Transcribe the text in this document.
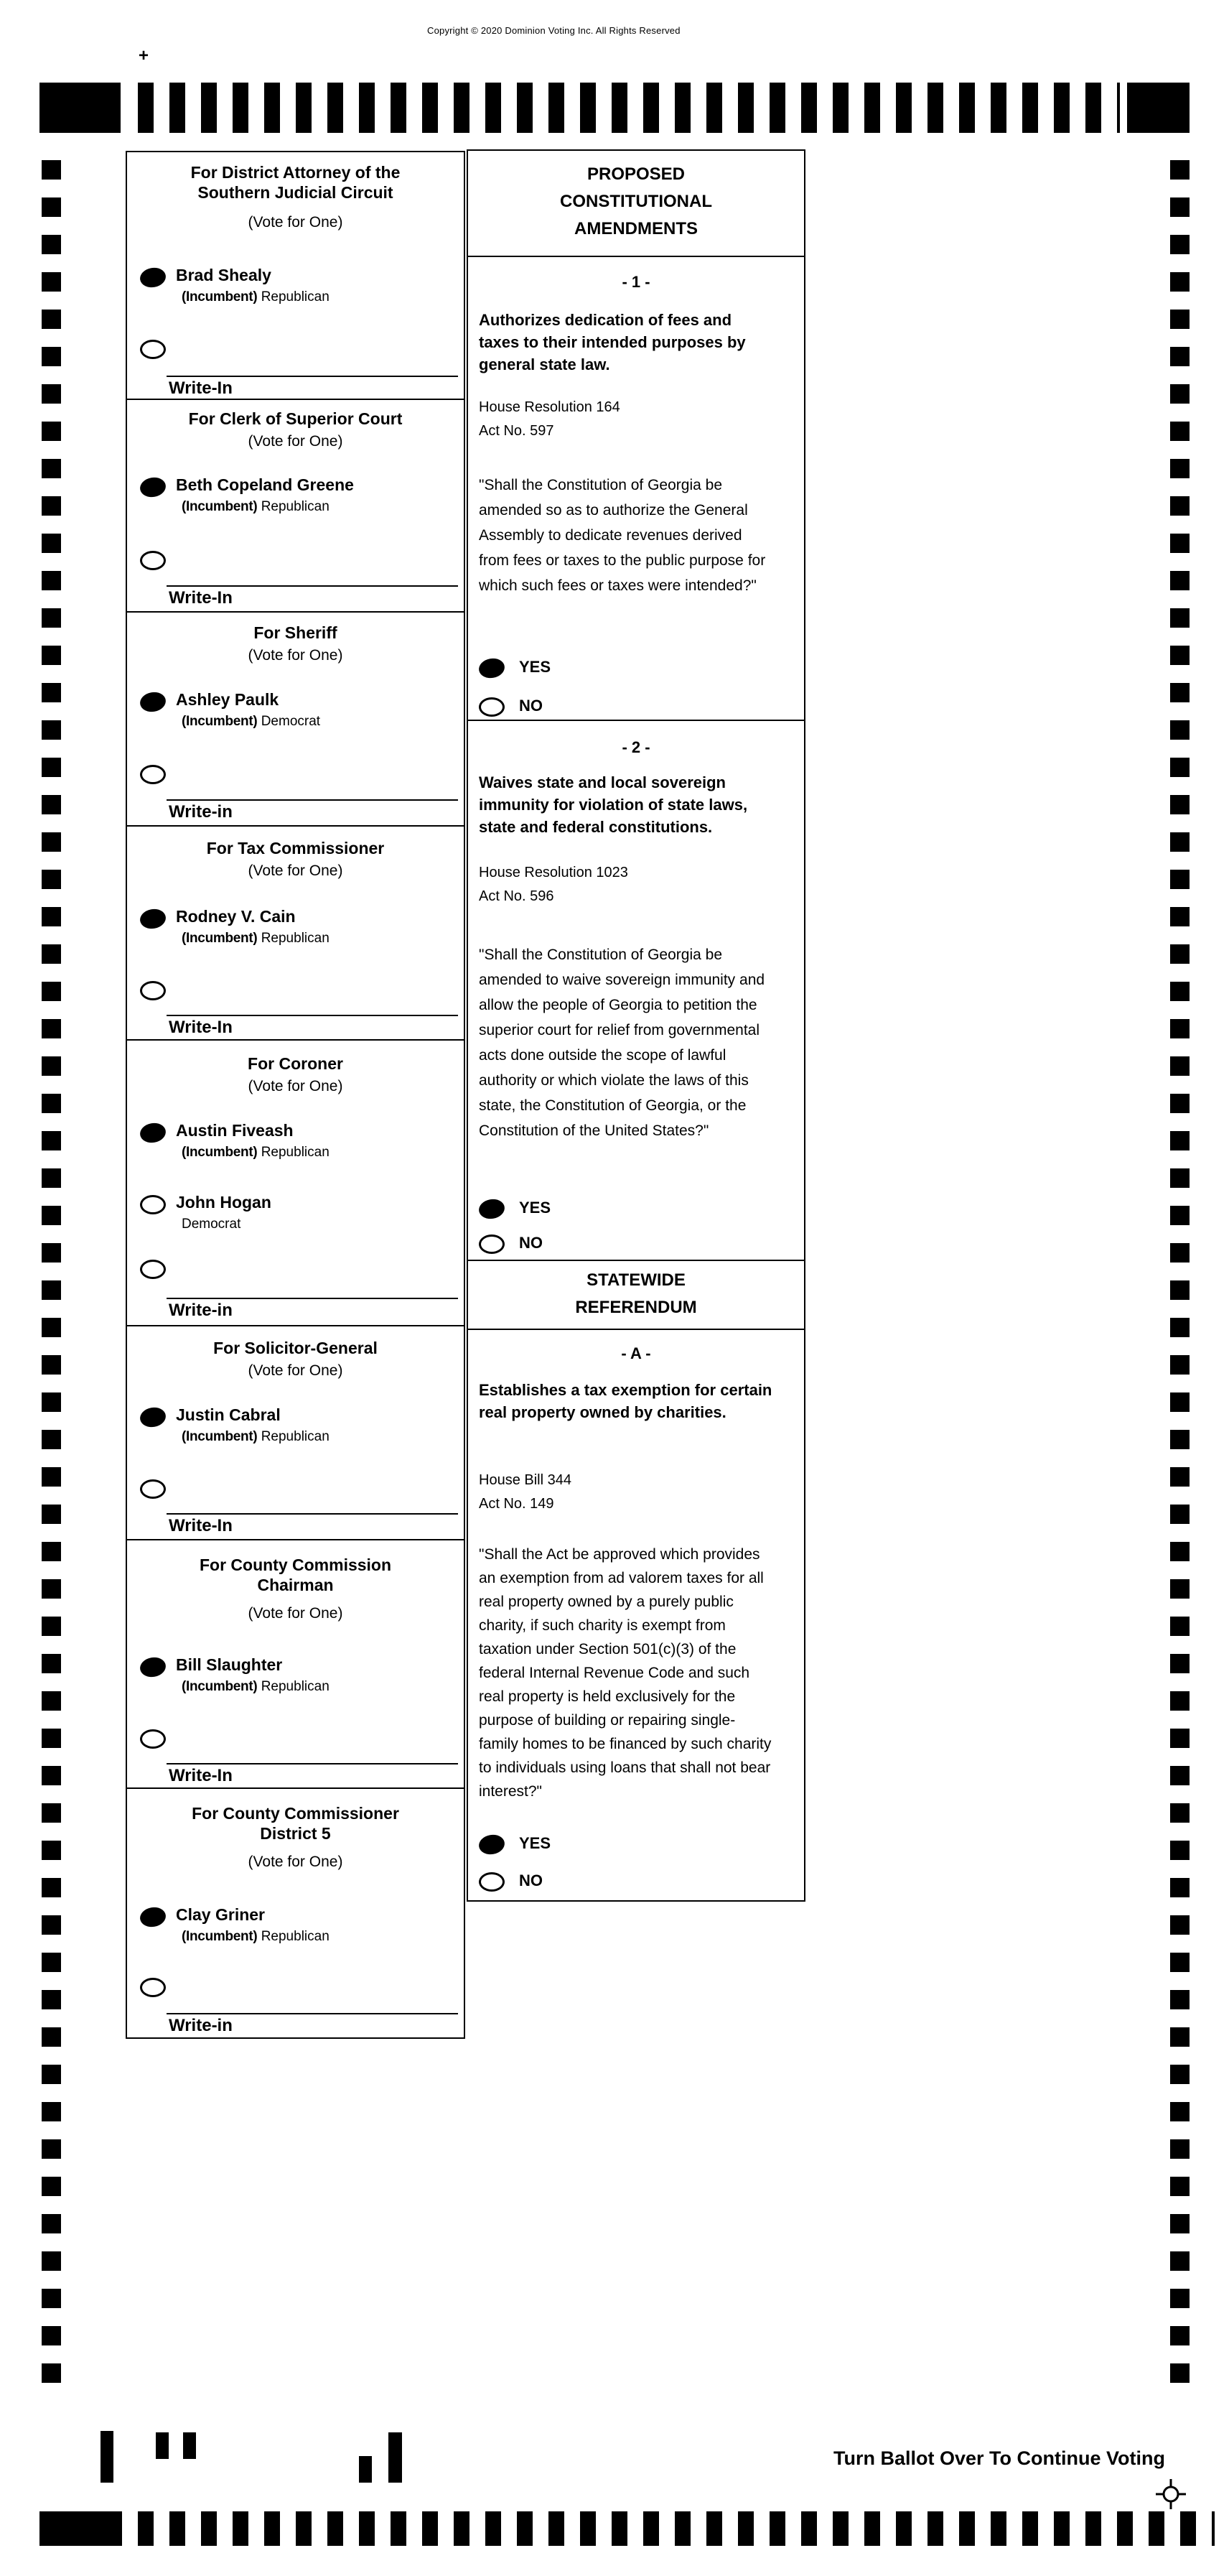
Copyright © 2020 Dominion Voting Inc. All Rights Reserved
+
For District Attorney of the
Southern Judicial Circuit
(Vote for One)
Brad Shealy
(Incumbent) Republican
Write-In
For Clerk of Superior Court
(Vote for One)
Beth Copeland Greene
(Incumbent) Republican
Write-In
For Sheriff
(Vote for One)
Ashley Paulk
(Incumbent) Democrat
Write-in
For Tax Commissioner
(Vote for One)
Rodney V. Cain
(Incumbent) Republican
Write-In
For Coroner
(Vote for One)
Austin Fiveash
(Incumbent) Republican
John Hogan
Democrat
Write-in
For Solicitor-General
(Vote for One)
Justin Cabral
(Incumbent) Republican
Write-In
For County Commission
Chairman
(Vote for One)
Bill Slaughter
(Incumbent) Republican
Write-In
For County Commissioner
District 5
(Vote for One)
Clay Griner
(Incumbent) Republican
Write-in
PROPOSED
CONSTITUTIONAL
AMENDMENTS
- 1 -
Authorizes dedication of fees and taxes to their intended purposes by general state law.
House Resolution 164
Act No. 597
"Shall the Constitution of Georgia be amended so as to authorize the General Assembly to dedicate revenues derived from fees or taxes to the public purpose for which such fees or taxes were intended?"
YES
NO
- 2 -
Waives state and local sovereign immunity for violation of state laws, state and federal constitutions.
House Resolution 1023
Act No. 596
"Shall the Constitution of Georgia be amended to waive sovereign immunity and allow the people of Georgia to petition the superior court for relief from governmental acts done outside the scope of lawful authority or which violate the laws of this state, the Constitution of Georgia, or the Constitution of the United States?"
YES
NO
STATEWIDE
REFERENDUM
- A -
Establishes a tax exemption for certain real property owned by charities.
House Bill 344
Act No. 149
"Shall the Act be approved which provides an exemption from ad valorem taxes for all real property owned by a purely public charity, if such charity is exempt from taxation under Section 501(c)(3) of the federal Internal Revenue Code and such real property is held exclusively for the purpose of building or repairing single-family homes to be financed by such charity to individuals using loans that shall not bear interest?"
YES
NO
20
Turn Ballot Over To Continue Voting
